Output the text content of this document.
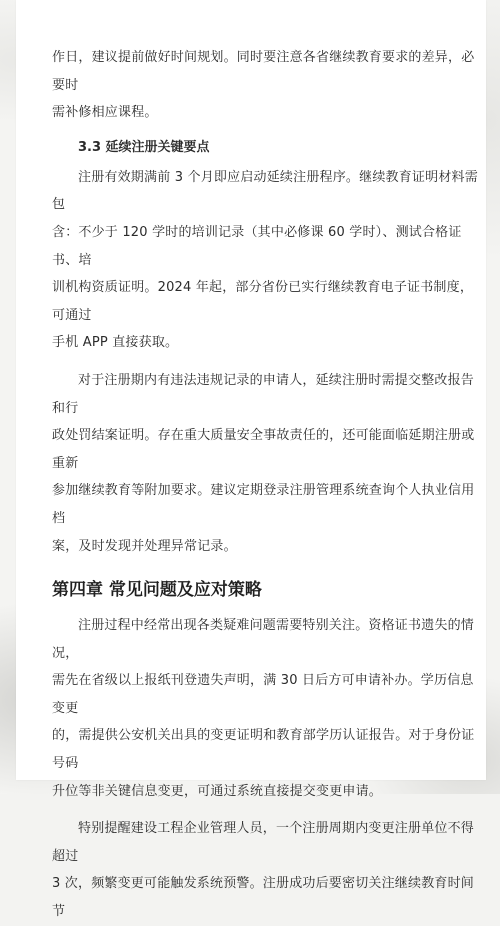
作日，建议提前做好时间规划。同时要注意各省继续教育要求的差异，必要时
需补修相应课程。

3.3 延续注册关键要点

注册有效期满前 3 个月即应启动延续注册程序。继续教育证明材料需包
含：不少于 120 学时的培训记录（其中必修课 60 学时）、测试合格证书、培
训机构资质证明。2024 年起，部分省份已实行继续教育电子证书制度，可通过
手机 APP 直接获取。

对于注册期内有违法违规记录的申请人，延续注册时需提交整改报告和行
政处罚结案证明。存在重大质量安全事故责任的，还可能面临延期注册或重新
参加继续教育等附加要求。建议定期登录注册管理系统查询个人执业信用档
案，及时发现并处理异常记录。

第四章 常见问题及应对策略

注册过程中经常出现各类疑难问题需要特别关注。资格证书遗失的情况，
需先在省级以上报纸刊登遗失声明，满 30 日后方可申请补办。学历信息变更
的，需提供公安机关出具的变更证明和教育部学历认证报告。对于身份证号码
升位等非关键信息变更，可通过系统直接提交变更申请。

特别提醒建设工程企业管理人员，一个注册周期内变更注册单位不得超过
3 次，频繁变更可能触发系统预警。注册成功后要密切关注继续教育时间节
